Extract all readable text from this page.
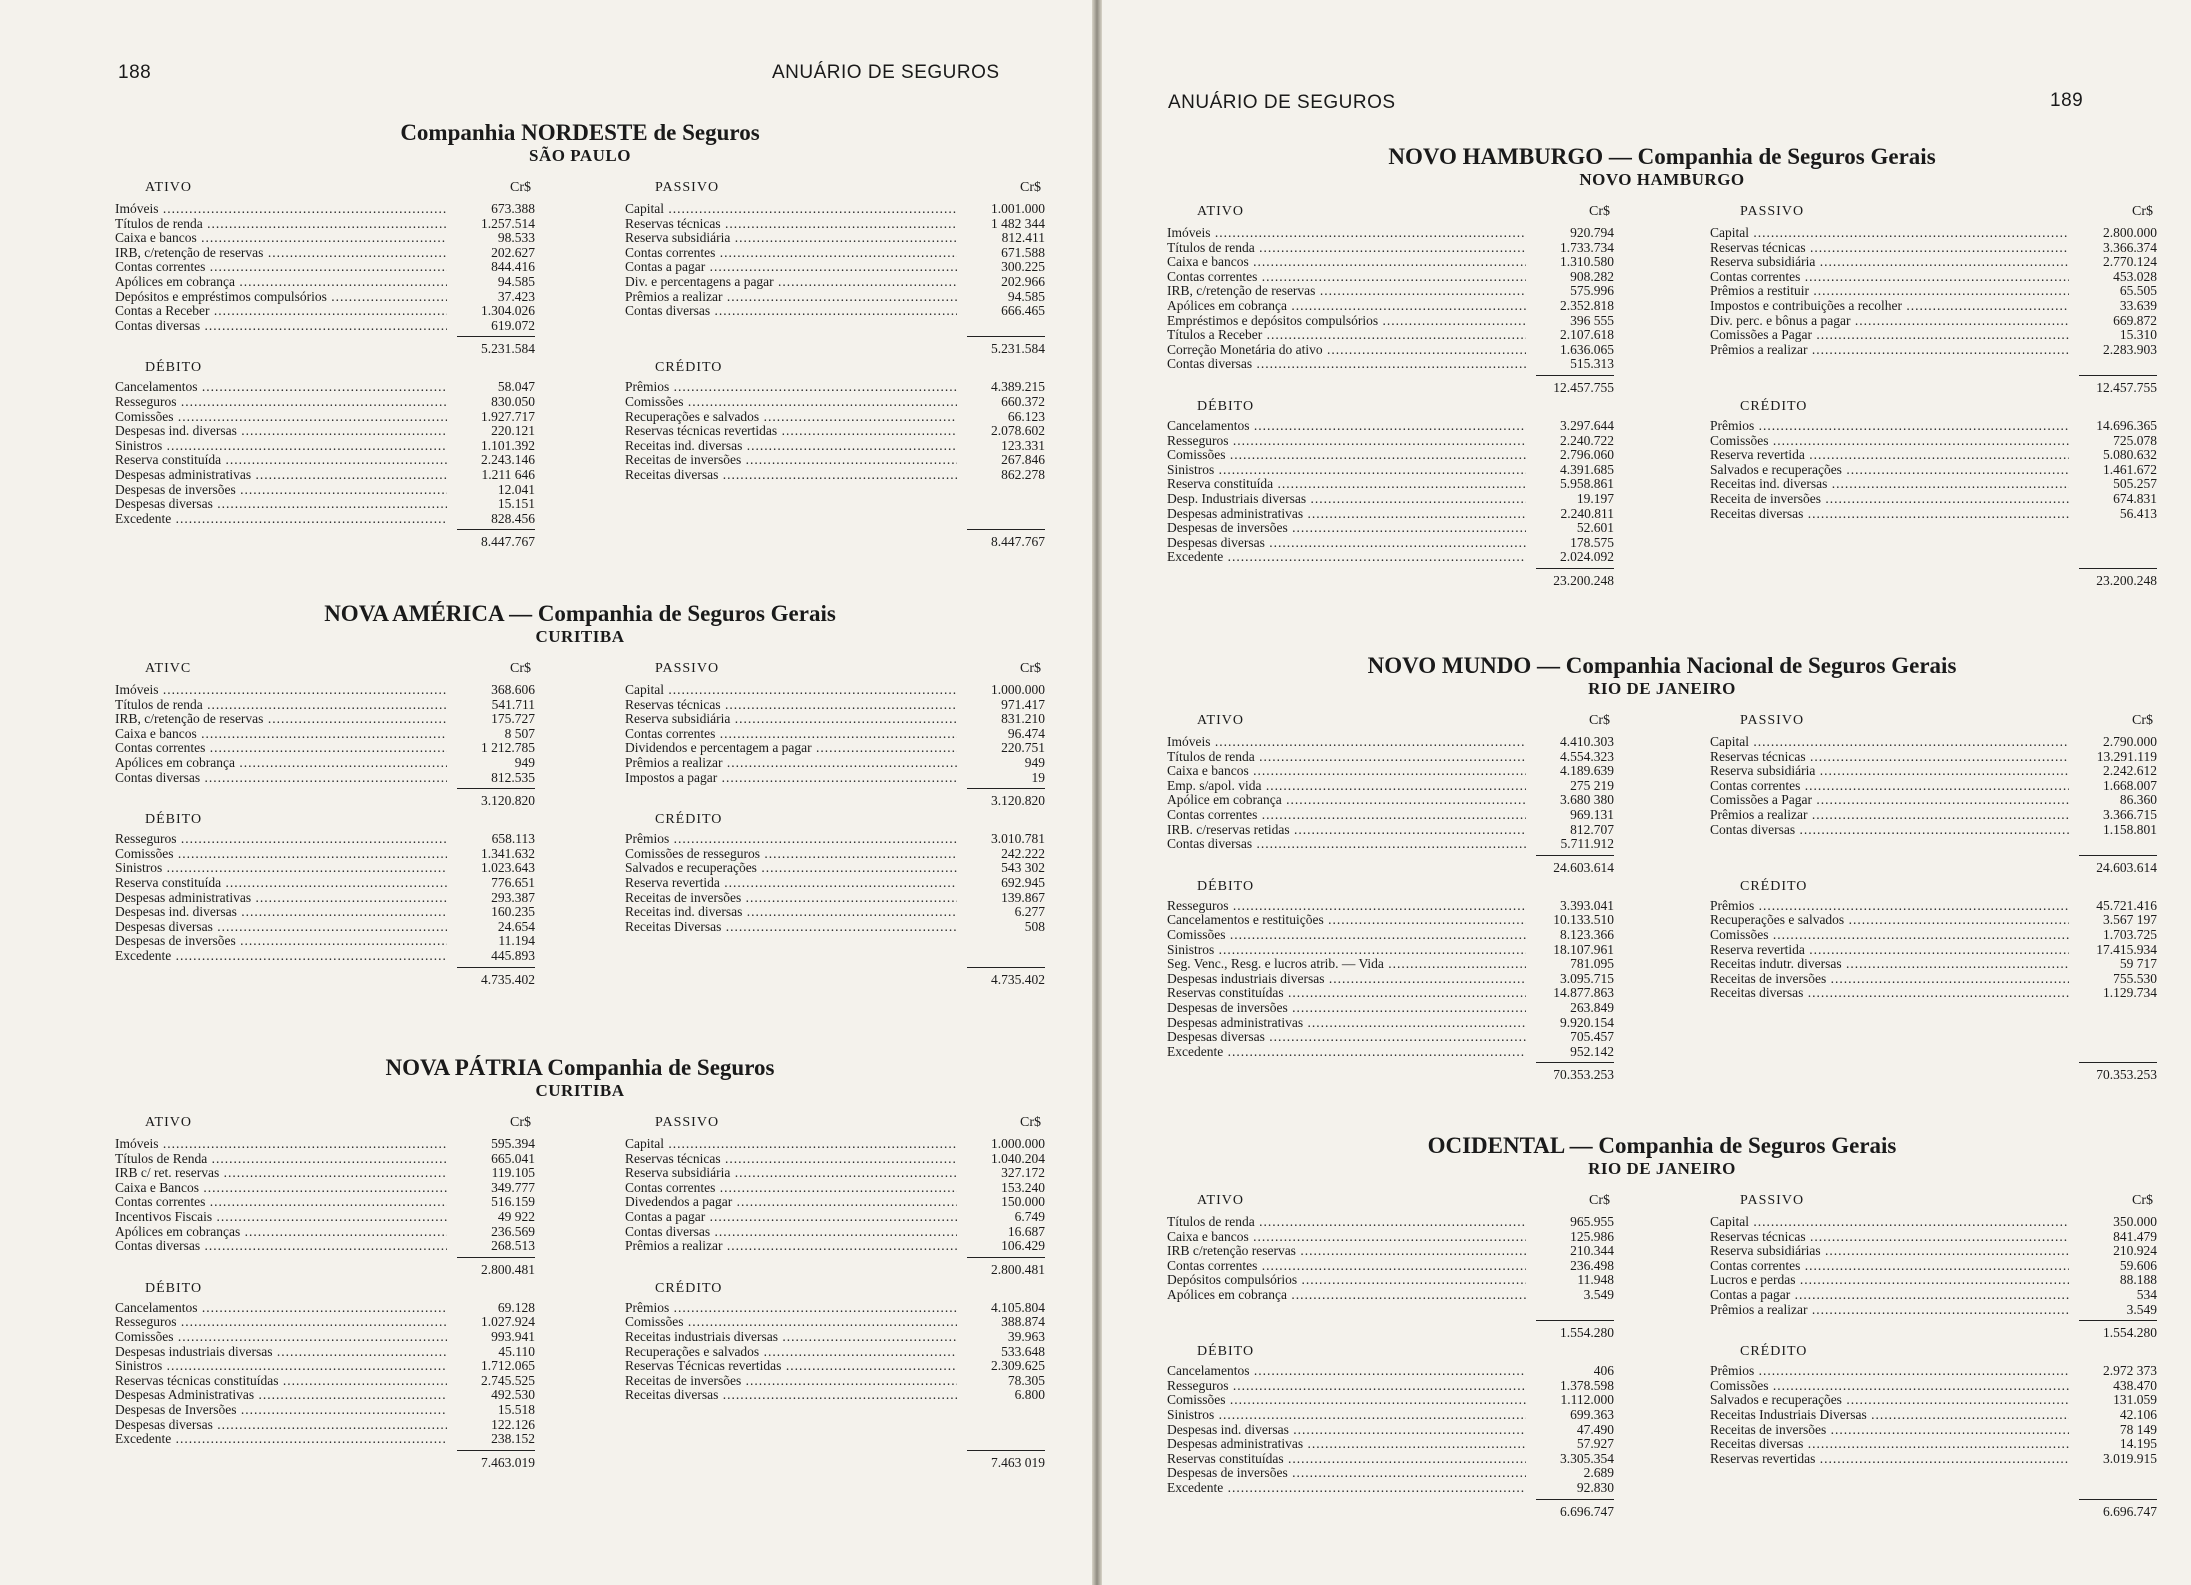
188	ANUÁRIO DE SEGUROS
Companhia NORDESTE de Seguros
SÃO PAULO
ATIVO	Cr$
Imóveis .....	673.388
Títulos de renda .....	1.257.514
Caixa e bancos .....	98.533
IRB, c/retenção de reservas .....	202.627
Contas correntes .....	844.416
Apólices em cobrança .....	94.585
Depósitos e empréstimos compulsórios .....	37.423
Contas a Receber .....	1.304.026
Contas diversas .....	619.072
5.231.584
DÉBITO
Cancelamentos .....	58.047
Resseguros .....	830.050
Comissões .....	1.927.717
Despesas ind. diversas .....	220.121
Sinistros .....	1.101.392
Reserva constituída .....	2.243.146
Despesas administrativas .....	1.211 646
Despesas de inversões .....	12.041
Despesas diversas .....	15.151
Excedente .....	828.456
8.447.767
PASSIVO	Cr$
Capital .....	1.001.000
Reservas técnicas .....	1 482 344
Reserva subsidiária .....	812.411
Contas correntes .....	671.588
Contas a pagar .....	300.225
Div. e percentagens a pagar .....	202.966
Prêmios a realizar .....	94.585
Contas diversas .....	666.465
5.231.584
CRÉDITO
Prêmios .....	4.389.215
Comissões .....	660.372
Recuperações e salvados .....	66.123
Reservas técnicas revertidas .....	2.078.602
Receitas ind. diversas .....	123.331
Receitas de inversões .....	267.846
Receitas diversas .....	862.278
8.447.767
NOVA AMÉRICA — Companhia de Seguros Gerais
CURITIBA
ATIVC	Cr$
Imóveis .....	368.606
Títulos de renda .....	541.711
IRB, c/retenção de reservas .....	175.727
Caixa e bancos .....	8 507
Contas correntes .....	1 212.785
Apólices em cobrança .....	949
Contas diversas .....	812.535
3.120.820
DÉBITO
Resseguros .....	658.113
Comissões .....	1.341.632
Sinistros .....	1.023.643
Reserva constituída .....	776.651
Despesas administrativas .....	293.387
Despesas ind. diversas .....	160.235
Despesas diversas .....	24.654
Despesas de inversões .....	11.194
Excedente .....	445.893
4.735.402
PASSIVO	Cr$
Capital .....	1.000.000
Reservas técnicas .....	971.417
Reserva subsidiária .....	831.210
Contas correntes .....	96.474
Dividendos e percentagem a pagar .....	220.751
Prêmios a realizar .....	949
Impostos a pagar .....	19
3.120.820
CRÉDITO
Prêmios .....	3.010.781
Comissões de resseguros .....	242.222
Salvados e recuperações .....	543 302
Reserva revertida .....	692.945
Receitas de inversões .....	139.867
Receitas ind. diversas .....	6.277
Receitas Diversas .....	508
4.735.402
NOVA PÁTRIA Companhia de Seguros
CURITIBA
ATIVO	Cr$
Imóveis .....	595.394
Títulos de Renda .....	665.041
IRB c/ ret. reservas .....	119.105
Caixa e Bancos .....	349.777
Contas correntes .....	516.159
Incentivos Fiscais .....	49 922
Apólices em cobranças .....	236.569
Contas diversas .....	268.513
2.800.481
DÉBITO
Cancelamentos .....	69.128
Resseguros .....	1.027.924
Comissões .....	993.941
Despesas industriais diversas .....	45.110
Sinistros .....	1.712.065
Reservas técnicas constituídas .....	2.745.525
Despesas Administrativas .....	492.530
Despesas de Inversões .....	15.518
Despesas diversas .....	122.126
Excedente .....	238.152
7.463.019
PASSIVO	Cr$
Capital .....	1.000.000
Reservas técnicas .....	1.040.204
Reserva subsidiária .....	327.172
Contas correntes .....	153.240
Divedendos a pagar .....	150.000
Contas a pagar .....	6.749
Contas diversas .....	16.687
Prêmios a realizar .....	106.429
2.800.481
CRÉDITO
Prêmios .....	4.105.804
Comissões .....	388.874
Receitas industriais diversas .....	39.963
Recuperações e salvados .....	533.648
Reservas Técnicas revertidas .....	2.309.625
Receitas de inversões .....	78.305
Receitas diversas .....	6.800
7.463 019
ANUÁRIO DE SEGUROS	189
NOVO HAMBURGO — Companhia de Seguros Gerais
NOVO HAMBURGO
ATIVO	Cr$
Imóveis .....	920.794
Títulos de renda .....	1.733.734
Caixa e bancos .....	1.310.580
Contas correntes .....	908.282
IRB, c/retenção de reservas .....	575.996
Apólices em cobrança .....	2.352.818
Empréstimos e depósitos compulsórios .....	396 555
Títulos a Receber .....	2.107.618
Correção Monetária do ativo .....	1.636.065
Contas diversas .....	515.313
12.457.755
DÉBITO
Cancelamentos .....	3.297.644
Resseguros .....	2.240.722
Comissões .....	2.796.060
Sinistros .....	4.391.685
Reserva constituída .....	5.958.861
Desp. Industriais diversas .....	19.197
Despesas administrativas .....	2.240.811
Despesas de inversões .....	52.601
Despesas diversas .....	178.575
Excedente .....	2.024.092
23.200.248
PASSIVO	Cr$
Capital .....	2.800.000
Reservas técnicas .....	3.366.374
Reserva subsidiária .....	2.770.124
Contas correntes .....	453.028
Prêmios a restituir .....	65.505
Impostos e contribuições a recolher .....	33.639
Div. perc. e bônus a pagar .....	669.872
Comissões a Pagar .....	15.310
Prêmios a realizar .....	2.283.903
12.457.755
CRÉDITO
Prêmios .....	14.696.365
Comissões .....	725.078
Reserva revertida .....	5.080.632
Salvados e recuperações .....	1.461.672
Receitas ind. diversas .....	505.257
Receita de inversões .....	674.831
Receitas diversas .....	56.413
23.200.248
NOVO MUNDO — Companhia Nacional de Seguros Gerais
RIO DE JANEIRO
ATIVO	Cr$
Imóveis .....	4.410.303
Títulos de renda .....	4.554.323
Caixa e bancos .....	4.189.639
Emp. s/apol. vida .....	275 219
Apólice em cobrança .....	3.680 380
Contas correntes .....	969.131
IRB. c/reservas retidas .....	812.707
Contas diversas .....	5.711.912
24.603.614
DÉBITO
Resseguros .....	3.393.041
Cancelamentos e restituições .....	10.133.510
Comissões .....	8.123.366
Sinistros .....	18.107.961
Seg. Venc., Resg. e lucros atrib. — Vida .....	781.095
Despesas industriais diversas .....	3.095.715
Reservas constituídas .....	14.877.863
Despesas de inversões .....	263.849
Despesas administrativas .....	9.920.154
Despesas diversas .....	705.457
Excedente .....	952.142
70.353.253
PASSIVO	Cr$
Capital .....	2.790.000
Reservas técnicas .....	13.291.119
Reserva subsidiária .....	2.242.612
Contas correntes .....	1.668.007
Comissões a Pagar .....	86.360
Prêmios a realizar .....	3.366.715
Contas diversas .....	1.158.801
24.603.614
CRÉDITO
Prêmios .....	45.721.416
Recuperações e salvados .....	3.567 197
Comissões .....	1.703.725
Reserva revertida .....	17.415.934
Receitas indutr. diversas .....	59 717
Receitas de inversões .....	755.530
Receitas diversas .....	1.129.734
70.353.253
OCIDENTAL — Companhia de Seguros Gerais
RIO DE JANEIRO
ATIVO	Cr$
Títulos de renda .....	965.955
Caixa e bancos .....	125.986
IRB c/retenção reservas .....	210.344
Contas correntes .....	236.498
Depósitos compulsórios .....	11.948
Apólices em cobrança .....	3.549
1.554.280
DÉBITO
Cancelamentos .....	406
Resseguros .....	1.378.598
Comissões .....	1.112.000
Sinistros .....	699.363
Despesas ind. diversas .....	47.490
Despesas administrativas .....	57.927
Reservas constituídas .....	3.305.354
Despesas de inversões .....	2.689
Excedente .....	92.830
6.696.747
PASSIVO	Cr$
Capital .....	350.000
Reservas técnicas .....	841.479
Reserva subsidiárias .....	210.924
Contas correntes .....	59.606
Lucros e perdas .....	88.188
Contas a pagar .....	534
Prêmios a realizar .....	3.549
1.554.280
CRÉDITO
Prêmios .....	2.972 373
Comissões .....	438.470
Salvados e recuperações .....	131.059
Receitas Industriais Diversas .....	42.106
Receitas de inversões .....	78 149
Receitas diversas .....	14.195
Reservas revertidas .....	3.019.915
6.696.747
